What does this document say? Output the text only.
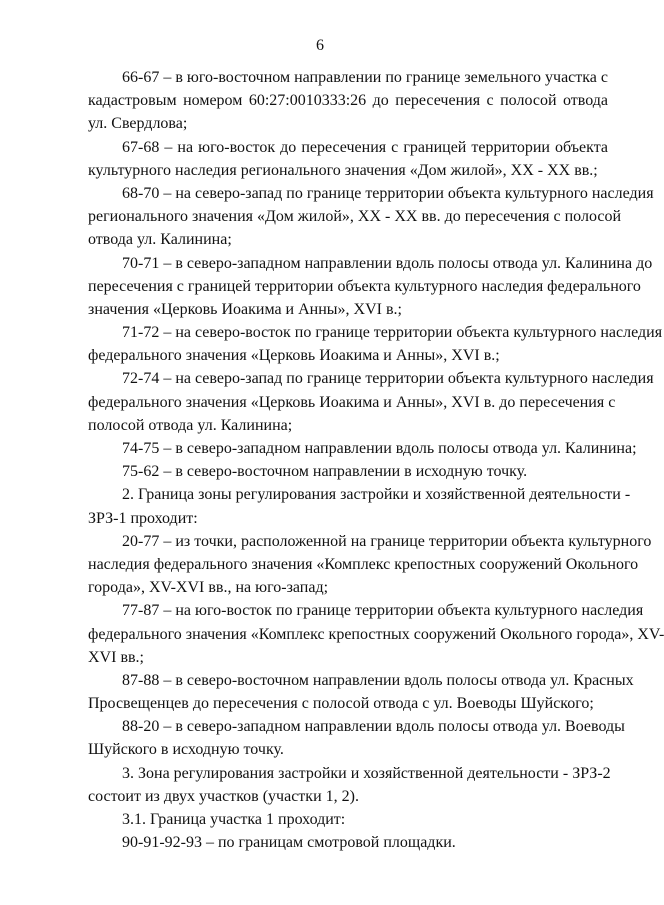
6
66-67 – в юго-восточном направлении по границе земельного участка с
кадастровым номером 60:27:0010333:26 до пересечения с полосой отвода
ул. Свердлова;
67-68 – на юго-восток до пересечения с границей территории объекта
культурного наследия регионального значения «Дом жилой», XX - XX вв.;
68-70 – на северо-запад по границе территории объекта культурного наследия
регионального значения «Дом жилой», XX - XX вв. до пересечения с полосой
отвода ул. Калинина;
70-71 – в северо-западном направлении вдоль полосы отвода ул. Калинина до
пересечения с границей территории объекта культурного наследия федерального
значения «Церковь Иоакима и Анны», XVI в.;
71-72 – на северо-восток по границе территории объекта культурного наследия
федерального значения «Церковь Иоакима и Анны», XVI в.;
72-74 – на северо-запад по границе территории объекта культурного наследия
федерального значения «Церковь Иоакима и Анны», XVI в. до пересечения с
полосой отвода ул. Калинина;
74-75 – в северо-западном направлении вдоль полосы отвода ул. Калинина;
75-62 – в северо-восточном направлении в исходную точку.
2. Граница зоны регулирования застройки и хозяйственной деятельности -
ЗРЗ-1 проходит:
20-77 – из точки, расположенной на границе территории объекта культурного
наследия федерального значения «Комплекс крепостных сооружений Окольного
города», XV-XVI вв., на юго-запад;
77-87 – на юго-восток по границе территории объекта культурного наследия
федерального значения «Комплекс крепостных сооружений Окольного города», XV-
XVI вв.;
87-88 – в северо-восточном направлении вдоль полосы отвода ул. Красных
Просвещенцев до пересечения с полосой отвода с ул. Воеводы Шуйского;
88-20 – в северо-западном направлении вдоль полосы отвода ул. Воеводы
Шуйского в исходную точку.
3. Зона регулирования застройки и хозяйственной деятельности - ЗРЗ-2
состоит из двух участков (участки 1, 2).
3.1. Граница участка 1 проходит:
90-91-92-93 – по границам смотровой площадки.
